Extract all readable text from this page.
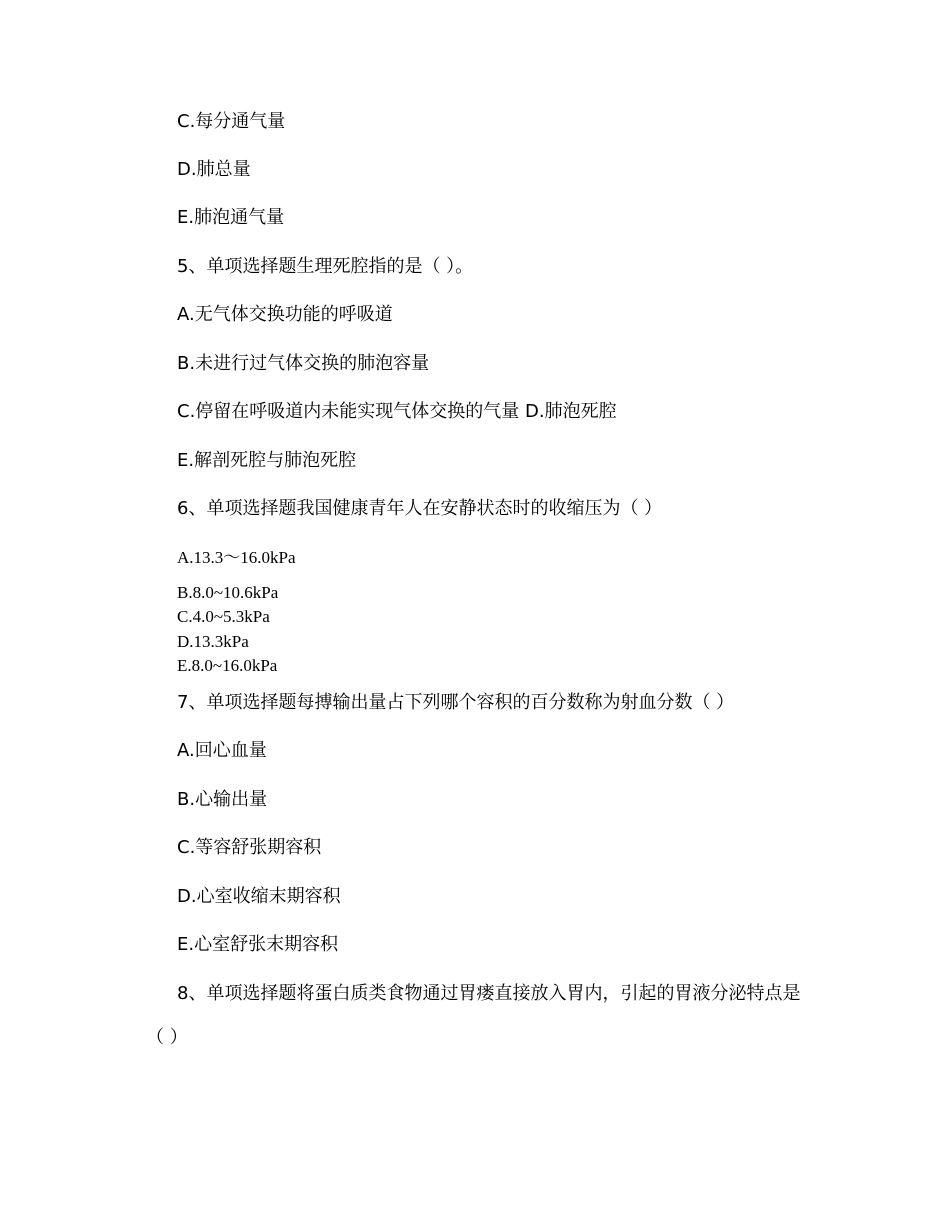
C.每分通气量
D.肺总量
E.肺泡通气量
5、单项选择题生理死腔指的是（ ）。
A.无气体交换功能的呼吸道
B.未进行过气体交换的肺泡容量
C.停留在呼吸道内未能实现气体交换的气量 D.肺泡死腔
E.解剖死腔与肺泡死腔
6、单项选择题我国健康青年人在安静状态时的收缩压为（ ）
A.13.3～16.0kPa
B.8.0~10.6kPa
C.4.0~5.3kPa
D.13.3kPa
E.8.0~16.0kPa
7、单项选择题每搏输出量占下列哪个容积的百分数称为射血分数（ ）
A.回心血量
B.心输出量
C.等容舒张期容积
D.心室收缩末期容积
E.心室舒张末期容积
8、单项选择题将蛋白质类食物通过胃瘘直接放入胃内，引起的胃液分泌特点是
（ ）
